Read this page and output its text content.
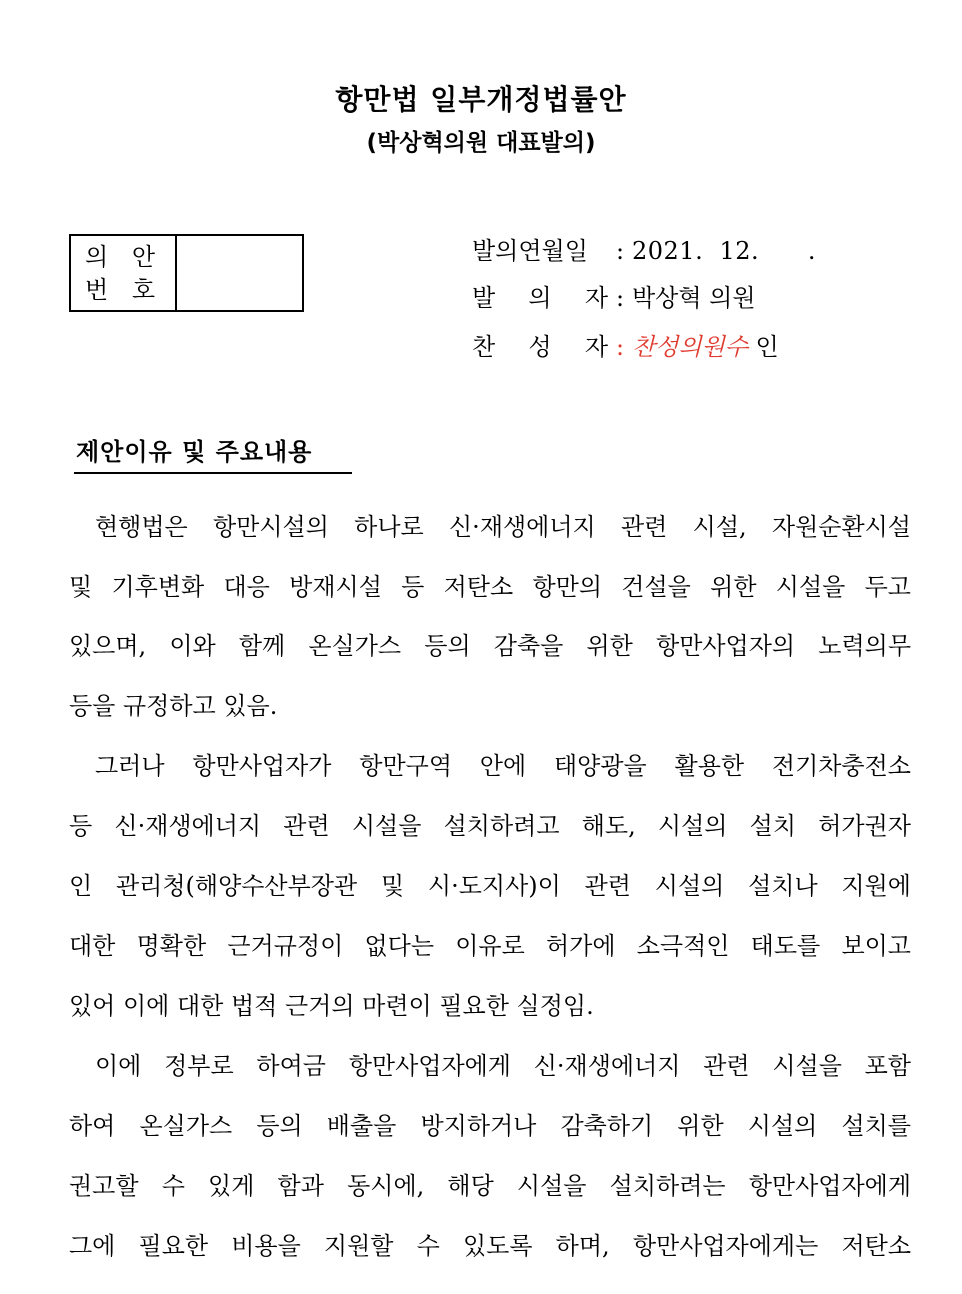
항만법 일부개정법률안
(박상혁의원 대표발의)
의 안
번 호
발의연월일 : 2021.  12.      .
발 의 자 : 박상혁 의원
찬 성 자 : 찬성의원수 인
제안이유 및 주요내용
현행법은 항만시설의 하나로 신·재생에너지 관련 시설, 자원순환시설
및 기후변화 대응 방재시설 등 저탄소 항만의 건설을 위한 시설을 두고
있으며, 이와 함께 온실가스 등의 감축을 위한 항만사업자의 노력의무
등을 규정하고 있음.
그러나 항만사업자가 항만구역 안에 태양광을 활용한 전기차충전소
등 신·재생에너지 관련 시설을 설치하려고 해도, 시설의 설치 허가권자
인 관리청(해양수산부장관 및 시·도지사)이 관련 시설의 설치나 지원에
대한 명확한 근거규정이 없다는 이유로 허가에 소극적인 태도를 보이고
있어 이에 대한 법적 근거의 마련이 필요한 실정임.
이에 정부로 하여금 항만사업자에게 신·재생에너지 관련 시설을 포함
하여 온실가스 등의 배출을 방지하거나 감축하기 위한 시설의 설치를
권고할 수 있게 함과 동시에, 해당 시설을 설치하려는 항만사업자에게
그에 필요한 비용을 지원할 수 있도록 하며, 항만사업자에게는 저탄소
